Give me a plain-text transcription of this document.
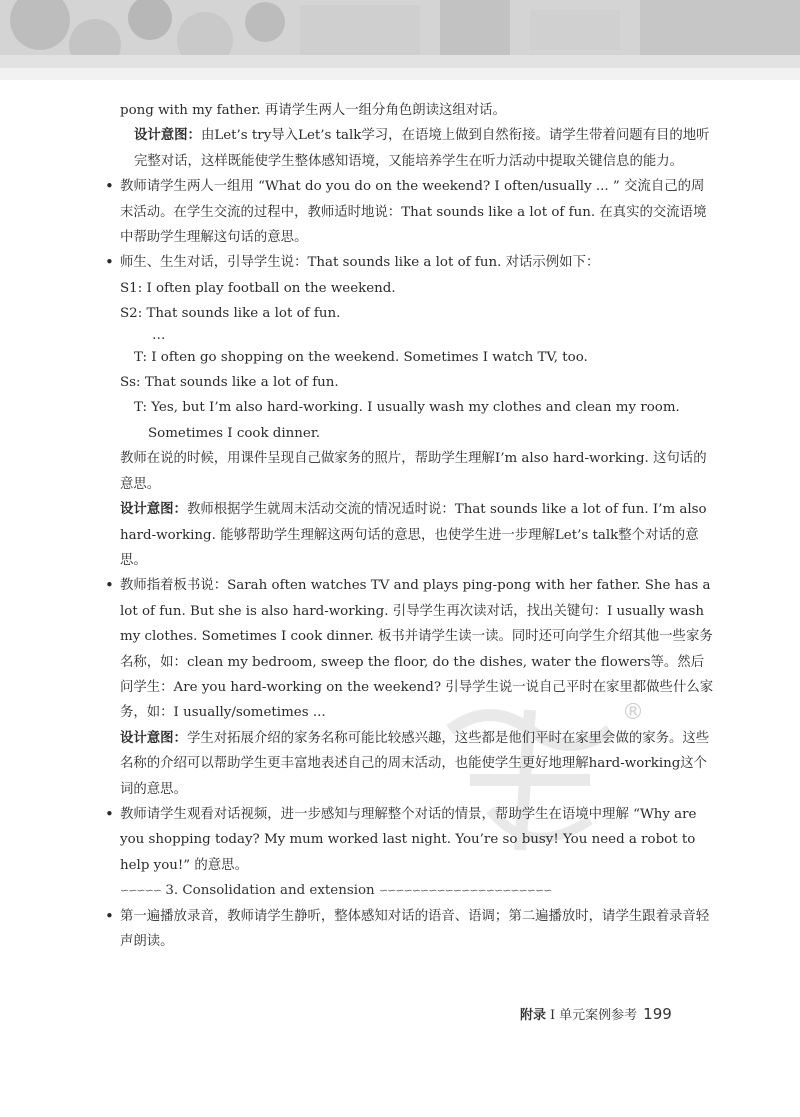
®

pong with my father. 再请学生两人一组分角色朗读这组对话。

设计意图：由Let’s try导入Let’s talk学习，在语境上做到自然衔接。请学生带着问题有目的地听完整对话，这样既能使学生整体感知语境，又能培养学生在听力活动中提取关键信息的能力。

• 教师请学生两人一组用 “What do you do on the weekend? I often/usually ... ” 交流自己的周末活动。在学生交流的过程中，教师适时地说：That sounds like a lot of fun. 在真实的交流语境中帮助学生理解这句话的意思。

• 师生、生生对话，引导学生说：That sounds like a lot of fun. 对话示例如下：

S1: I often play football on the weekend.

S2: That sounds like a lot of fun.

…

T: I often go shopping on the weekend. Sometimes I watch TV, too.

Ss: That sounds like a lot of fun.

T: Yes, but I’m also hard-working. I usually wash my clothes and clean my room. Sometimes I cook dinner.

教师在说的时候，用课件呈现自己做家务的照片，帮助学生理解I’m also hard-working. 这句话的意思。

设计意图：教师根据学生就周末活动交流的情况适时说：That sounds like a lot of fun. I’m also hard-working. 能够帮助学生理解这两句话的意思，也使学生进一步理解Let’s talk整个对话的意思。

• 教师指着板书说：Sarah often watches TV and plays ping-pong with her father. She has a lot of fun. But she is also hard-working. 引导学生再次读对话，找出关键句：I usually wash my clothes. Sometimes I cook dinner. 板书并请学生读一读。同时还可向学生介绍其他一些家务名称，如：clean my bedroom, sweep the floor, do the dishes, water the flowers等。然后问学生：Are you hard-working on the weekend? 引导学生说一说自己平时在家里都做些什么家务，如：I usually/sometimes ...

设计意图：学生对拓展介绍的家务名称可能比较感兴趣，这些都是他们平时在家里会做的家务。这些名称的介绍可以帮助学生更丰富地表述自己的周末活动，也能使学生更好地理解hard-working这个词的意思。

• 教师请学生观看对话视频，进一步感知与理解整个对话的情景，帮助学生在语境中理解 “Why are you shopping today? My mum worked last night. You’re so busy! You need a robot to help you!” 的意思。

∽∽∽∽∽ 3. Consolidation and extension ∽∽∽∽∽∽∽∽∽∽∽∽∽∽∽∽∽∽∽∽∽

• 第一遍播放录音，教师请学生静听，整体感知对话的语音、语调；第二遍播放时，请学生跟着录音轻声朗读。

附录 Ⅰ 单元案例参考 199
